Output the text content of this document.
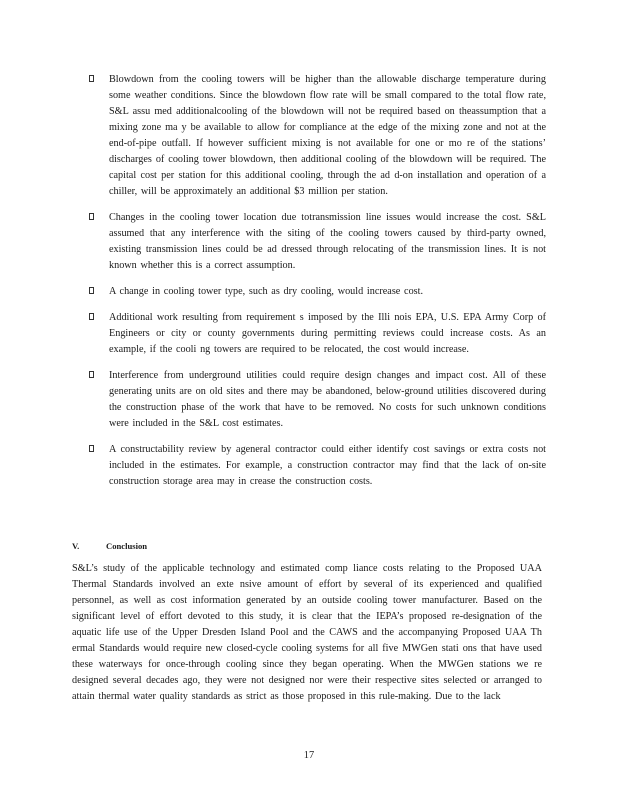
Blowdown from the cooling towers will be higher than the allowable discharge temperature during some weather conditions. Since the blowdown flow rate will be small compared to the total flow rate, S&L assu med additionalcooling of the blowdown will not be required based on theassumption that a mixing zone ma y be available to allow for compliance at the edge of the mixing zone and not at the end-of-pipe outfall. If however sufficient mixing is not available for one or mo re of the stations’ discharges of cooling tower blowdown, then additional cooling of the blowdown will be required. The capital cost per station for this additional cooling, through the ad d-on installation and operation of a chiller, will be approximately an additional $3 million per station.
Changes in the cooling tower location due totransmission line issues would increase the cost. S&L assumed that any interference with the siting of the cooling towers caused by third-party owned, existing transmission lines could be ad dressed through relocating of the transmission lines. It is not known whether this is a correct assumption.
A change in cooling tower type, such as dry cooling, would increase cost.
Additional work resulting from requirement s imposed by the Illi nois EPA, U.S. EPA Army Corp of Engineers or city or county governments during permitting reviews could increase costs. As an example, if the cooli ng towers are required to be relocated, the cost would increase.
Interference from underground utilities could require design changes and impact cost. All of these generating units are on old sites and there may be abandoned, below-ground utilities discovered during the construction phase of the work that have to be removed. No costs for such unknown conditions were included in the S&L cost estimates.
A constructability review by ageneral contractor could either identify cost savings or extra costs not included in the estimates. For example, a construction contractor may find that the lack of on-site construction storage area may in crease the construction costs.
V.	Conclusion
S&L’s study of the applicable technology and estimated comp liance costs relating to the Proposed UAA Thermal Standards involved an exte nsive amount of effort by several of its experienced and qualified personnel, as well as cost information generated by an outside cooling tower manufacturer. Based on the significant level of effort devoted to this study, it is clear that the IEPA’s proposed re-designation of the aquatic life use of the Upper Dresden Island Pool and the CAWS and the accompanying Proposed UAA Th ermal Standards would require new closed-cycle cooling systems for all five MWGen stati ons that have used these waterways for once-through cooling since they began operating. When the MWGen stations we re designed several decades ago, they were not designed nor were their respective sites selected or arranged to attain thermal water quality standards as strict as those proposed in this rule-making. Due to the lack
17
